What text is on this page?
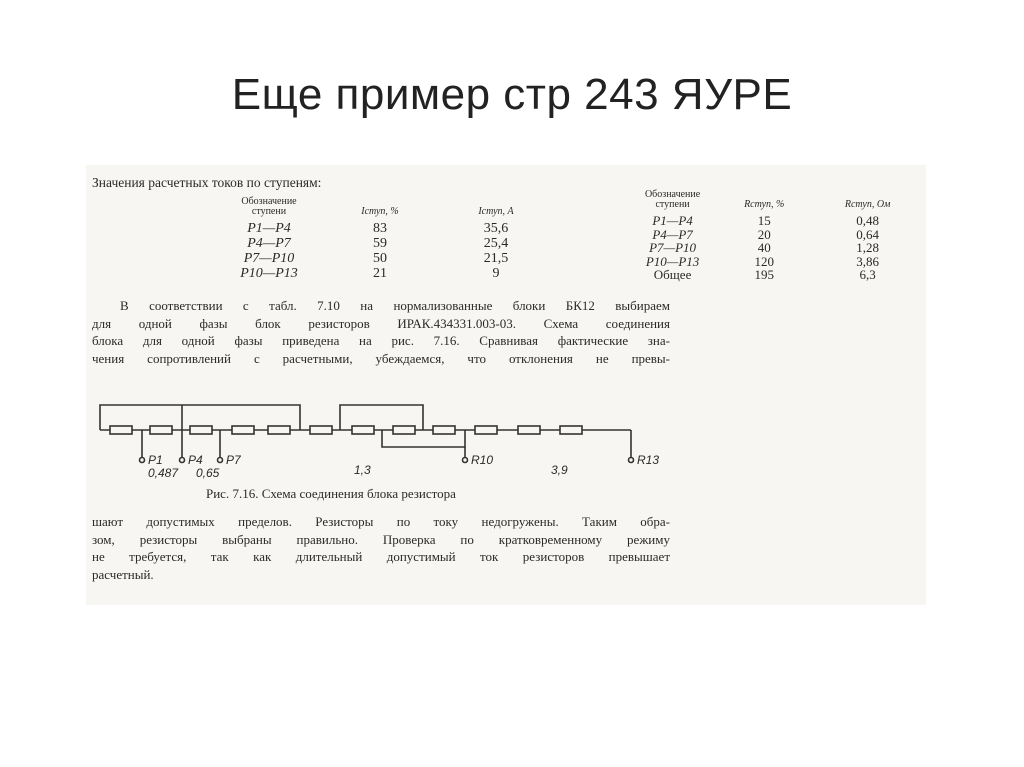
Еще пример стр 243 ЯУРЕ
Значения расчетных токов по ступеням:
Обозначение ступени	Iступ, %	Iступ, А
P1—P4	83	35,6
P4—P7	59	25,4
P7—P10	50	21,5
P10—P13	21	9
Обозначение ступени	Rступ, %	Rступ, Ом
P1—P4	15	0,48
P4—P7	20	0,64
P7—P10	40	1,28
P10—P13	120	3,86
Общее	195	6,3
В соответствии с табл. 7.10 на нормализованные блоки БК12 выбираем
для одной фазы блок резисторов ИРАК.434331.003-03. Схема соединения
блока для одной фазы приведена на рис. 7.16. Сравнивая фактические зна-
чения сопротивлений с расчетными, убеждаемся, что отклонения не превы-
P1 P4 P7	R10	R13
0,487 0,65	1,3	3,9
Рис. 7.16. Схема соединения блока резистора
шают допустимых пределов. Резисторы по току недогружены. Таким обра-
зом, резисторы выбраны правильно. Проверка по кратковременному режиму
не требуется, так как длительный допустимый ток резисторов превышает
расчетный.
